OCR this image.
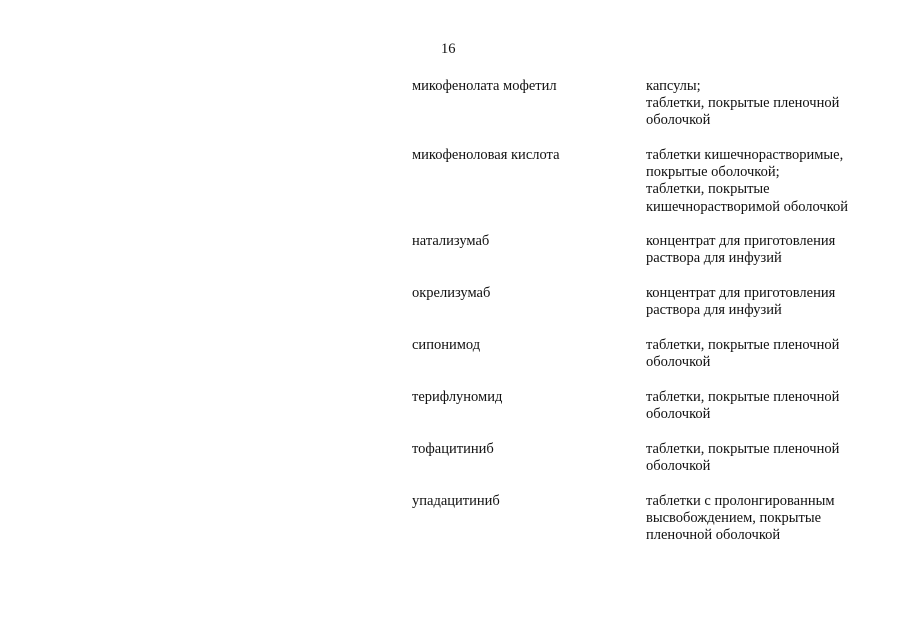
16
микофенолата мофетил	капсулы;
таблетки, покрытые пленочной
оболочкой
микофеноловая кислота	таблетки кишечнорастворимые,
покрытые оболочкой;
таблетки, покрытые
кишечнорастворимой оболочкой
натализумаб	концентрат для приготовления
раствора для инфузий
окрелизумаб	концентрат для приготовления
раствора для инфузий
сипонимод	таблетки, покрытые пленочной
оболочкой
терифлуномид	таблетки, покрытые пленочной
оболочкой
тофацитиниб	таблетки, покрытые пленочной
оболочкой
упадацитиниб	таблетки с пролонгированным
высвобождением, покрытые
пленочной оболочкой
